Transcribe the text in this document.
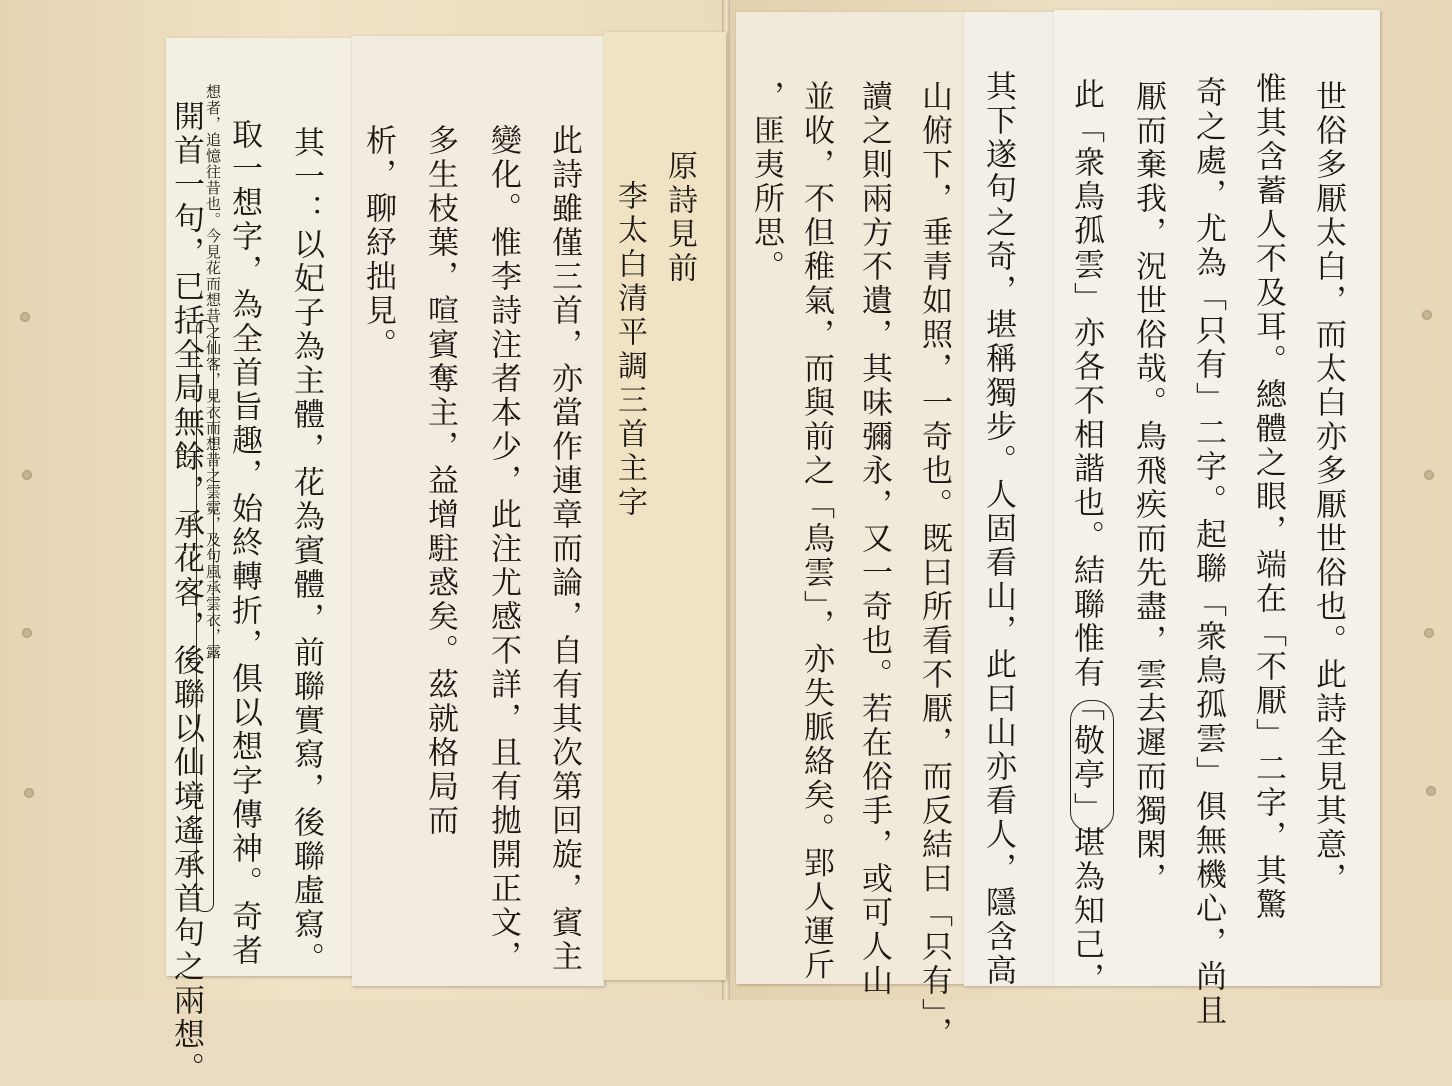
原詩見前
李太白清平調三首主字
此詩雖僅三首，亦當作連章而論，自有其次第回旋，賓主
變化。惟李詩注者本少，此注尤感不詳，且有拋開正文，
多生枝葉，喧賓奪主，益增駐惑矣。茲就格局而
析，聊紓拙見。
其一：以妃子為主體，花為賓體，前聯實寫，後聯虛寫。
取一想字，為全首旨趣，始終轉折，俱以想字傳神。奇者
想者，追憶往昔也。今見花而想昔之仙客，見衣而想昔之雲霓，及句風承雲衣，露
開首一句，已括全局無餘，承花客，後聯以仙境遙承首句之兩想。	世俗多厭太白，而太白亦多厭世俗也。此詩全見其意，
惟其含蓄人不及耳。總體之眼，端在「不厭」二字，其驚
奇之處，尤為「只有」二字。起聯「衆鳥孤雲」俱無機心，尚且
厭而棄我，況世俗哉。鳥飛疾而先盡，雲去遲而獨閑，
此「衆鳥孤雲」亦各不相諧也。結聯惟有「敬亭」堪為知己，
其下遂句之奇，堪稱獨步。人固看山，此曰山亦看人，隱含高
山俯下，垂青如照，一奇也。既曰所看不厭，而反結曰「只有」，
讀之則兩方不遺，其味彌永，又一奇也。若在俗手，或可人山
並收，不但稚氣，而與前之「鳥雲」，亦失脈絡矣。郢人運斤
，匪夷所思。
